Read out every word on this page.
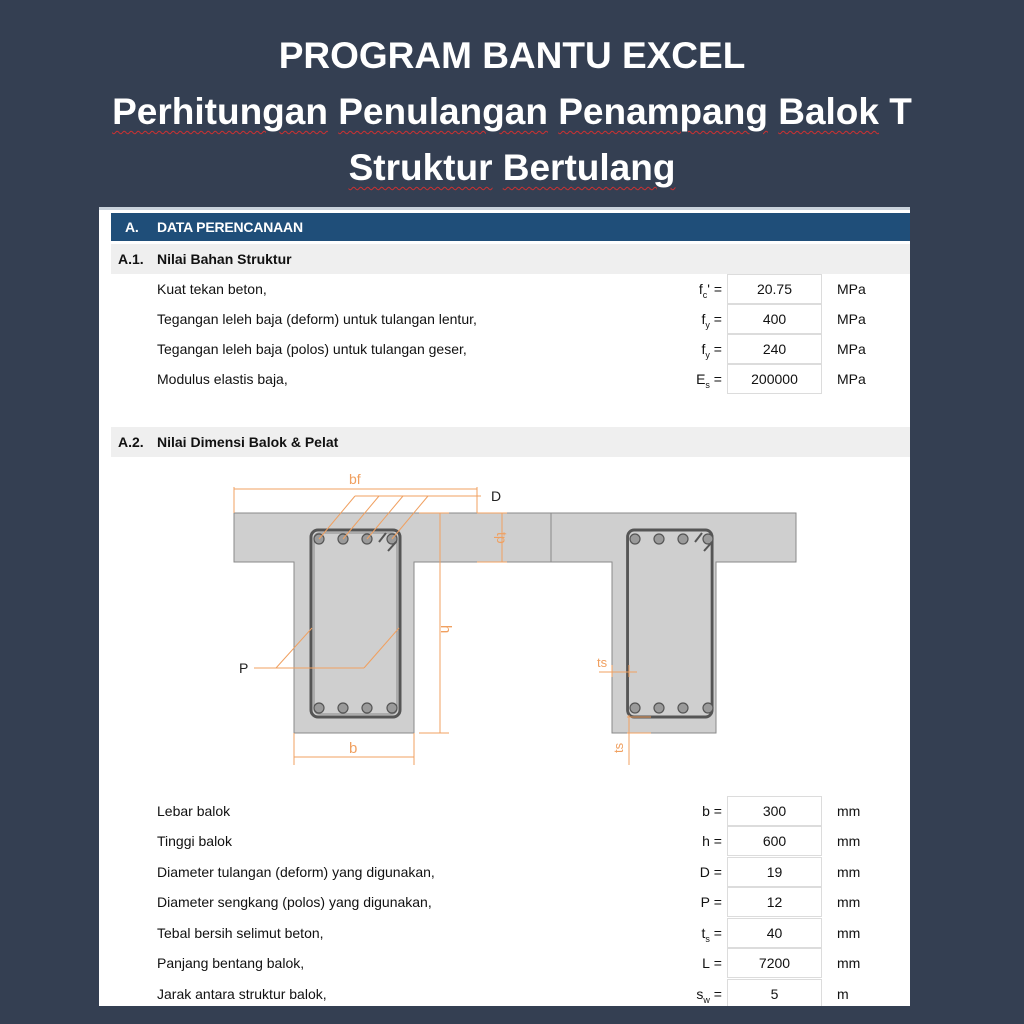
PROGRAM BANTU EXCEL
Perhitungan Penulangan Penampang Balok T
Struktur Bertulang
A. DATA PERENCANAAN
A.1. Nilai Bahan Struktur
Kuat tekan beton,	$f_c'$ =	20.75	MPa
Tegangan leleh baja (deform) untuk tulangan lentur,	$f_y$ =	400	MPa
Tegangan leleh baja (polos) untuk tulangan geser,	$f_y$ =	240	MPa
Modulus elastis baja,	$E_s$ =	200000	MPa
A.2. Nilai Dimensi Balok & Pelat
bf
b
h
tp
P
D
ts
ts
Lebar balok	b =	300	mm
Tinggi balok	h =	600	mm
Diameter tulangan (deform) yang digunakan,	D =	19	mm
Diameter sengkang (polos) yang digunakan,	P =	12	mm
Tebal bersih selimut beton,	$t_s$ =	40	mm
Panjang bentang balok,	L =	7200	mm
Jarak antara struktur balok,	$s_w$ =	5	m
